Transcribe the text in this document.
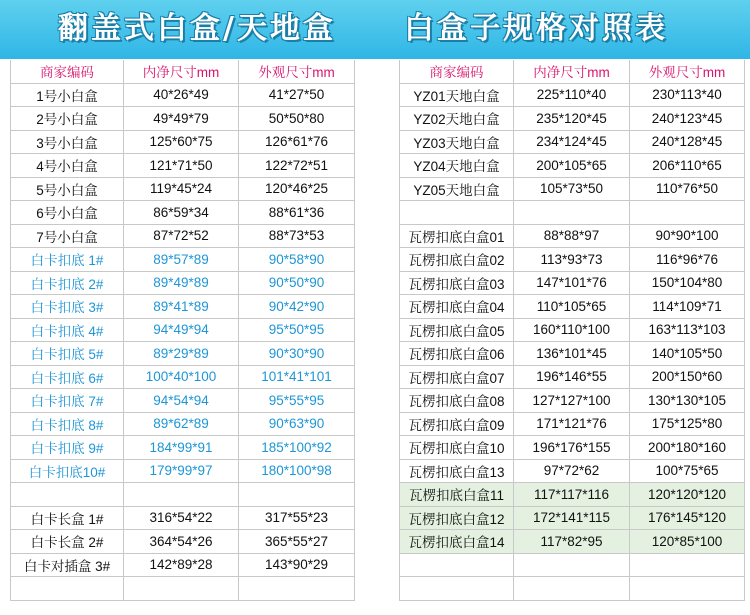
翻盖式白盒/天地盒 白盒子规格对照表
商家编码	内净尺寸mm	外观尺寸mm
1号小白盒	40*26*49	41*27*50
2号小白盒	49*49*79	50*50*80
3号小白盒	125*60*75	126*61*76
4号小白盒	121*71*50	122*72*51
5号小白盒	119*45*24	120*46*25
6号小白盒	86*59*34	88*61*36
7号小白盒	87*72*52	88*73*53
白卡扣底 1#	89*57*89	90*58*90
白卡扣底 2#	89*49*89	90*50*90
白卡扣底 3#	89*41*89	90*42*90
白卡扣底 4#	94*49*94	95*50*95
白卡扣底 5#	89*29*89	90*30*90
白卡扣底 6#	100*40*100	101*41*101
白卡扣底 7#	94*54*94	95*55*95
白卡扣底 8#	89*62*89	90*63*90
白卡扣底 9#	184*99*91	185*100*92
白卡扣底10#	179*99*97	180*100*98

白卡长盒 1#	316*54*22	317*55*23
白卡长盒 2#	364*54*26	365*55*27
白卡对插盒 3#	142*89*28	143*90*29

商家编码	内净尺寸mm	外观尺寸mm
YZ01天地白盒	225*110*40	230*113*40
YZ02天地白盒	235*120*45	240*123*45
YZ03天地白盒	234*124*45	240*128*45
YZ04天地白盒	200*105*65	206*110*65
YZ05天地白盒	105*73*50	110*76*50

瓦楞扣底白盒01	88*88*97	90*90*100
瓦楞扣底白盒02	113*93*73	116*96*76
瓦楞扣底白盒03	147*101*76	150*104*80
瓦楞扣底白盒04	110*105*65	114*109*71
瓦楞扣底白盒05	160*110*100	163*113*103
瓦楞扣底白盒06	136*101*45	140*105*50
瓦楞扣底白盒07	196*146*55	200*150*60
瓦楞扣底白盒08	127*127*100	130*130*105
瓦楞扣底白盒09	171*121*76	175*125*80
瓦楞扣底白盒10	196*176*155	200*180*160
瓦楞扣底白盒13	97*72*62	100*75*65
瓦楞扣底白盒11	117*117*116	120*120*120
瓦楞扣底白盒12	172*141*115	176*145*120
瓦楞扣底白盒14	117*82*95	120*85*100
